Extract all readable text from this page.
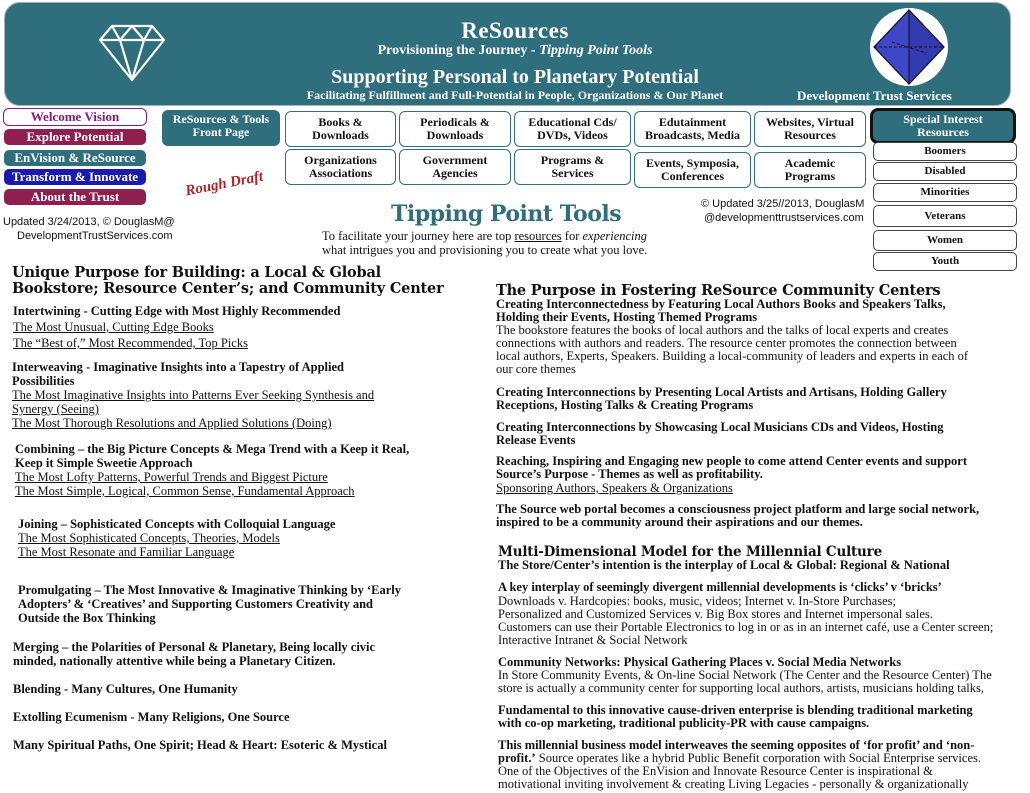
ReSources
Provisioning the Journey - Tipping Point Tools
Supporting Personal to Planetary Potential
Facilitating Fulfillment and Full-Potential in People, Organizations & Our Planet	Development Trust Services
Welcome Vision
Explore Potential
EnVision & ReSource
Transform & Innovate
About the Trust
ReSources & Tools
Front Page
Books &
Downloads
Periodicals &
Downloads
Educational Cds/
DVDs, Videos
Edutainment
Broadcasts, Media
Websites, Virtual
Resources
Organizations
Associations
Government
Agencies
Programs &
Services
Events, Symposia,
Conferences
Academic
Programs
Special Interest
Resources
Boomers
Disabled
Minorities
Veterans
Women
Youth
Rough Draft
Updated 3/24/2013, © DouglasM@
DevelopmentTrustServices.com
© Updated 3/25//2013, DouglasM
@developmenttrustservices.com
Tipping Point Tools
To facilitate your journey here are top resources for experiencing
what intrigues you and provisioning you to create what you love.
Unique Purpose for Building: a Local & Global
Bookstore; Resource Center’s; and Community Center
Intertwining - Cutting Edge with Most Highly Recommended
The Most Unusual, Cutting Edge Books
The “Best of,” Most Recommended, Top Picks
Interweaving - Imaginative Insights into a Tapestry of Applied
Possibilities
The Most Imaginative Insights into Patterns Ever Seeking Synthesis and
Synergy (Seeing)
The Most Thorough Resolutions and Applied Solutions (Doing)
Combining – the Big Picture Concepts & Mega Trend with a Keep it Real,
Keep it Simple Sweetie Approach
The Most Lofty Patterns, Powerful Trends and Biggest Picture
The Most Simple, Logical, Common Sense, Fundamental Approach
Joining – Sophisticated Concepts with Colloquial Language
The Most Sophisticated Concepts, Theories, Models
The Most Resonate and Familiar Language
Promulgating – The Most Innovative & Imaginative Thinking by ‘Early
Adopters’ & ‘Creatives’ and Supporting Customers Creativity and
Outside the Box Thinking
Merging – the Polarities of Personal & Planetary, Being locally civic
minded, nationally attentive while being a Planetary Citizen.
Blending - Many Cultures, One Humanity
Extolling Ecumenism - Many Religions, One Source
Many Spiritual Paths, One Spirit; Head & Heart: Esoteric & Mystical
The Purpose in Fostering ReSource Community Centers
Creating Interconnectedness by Featuring Local Authors Books and Speakers Talks,
Holding their Events, Hosting Themed Programs
The bookstore features the books of local authors and the talks of local experts and creates
connections with authors and readers. The resource center promotes the connection between
local authors, Experts, Speakers. Building a local-community of leaders and experts in each of
our core themes
Creating Interconnections by Presenting Local Artists and Artisans, Holding Gallery
Receptions, Hosting Talks & Creating Programs
Creating Interconnections by Showcasing Local Musicians CDs and Videos, Hosting
Release Events
Reaching, Inspiring and Engaging new people to come attend Center events and support
Source’s Purpose - Themes as well as profitability.
Sponsoring Authors, Speakers & Organizations
The Source web portal becomes a consciousness project platform and large social network,
inspired to be a community around their aspirations and our themes.
Multi-Dimensional Model for the Millennial Culture
The Store/Center’s intention is the interplay of Local & Global: Regional & National
A key interplay of seemingly divergent millennial developments is ‘clicks’ v ‘bricks’
Downloads v. Hardcopies: books, music, videos; Internet v. In-Store Purchases;
Personalized and Customized Services v. Big Box stores and Internet impersonal sales.
Customers can use their Portable Electronics to log in or as in an internet café, use a Center screen;
Interactive Intranet & Social Network
Community Networks: Physical Gathering Places v. Social Media Networks
In Store Community Events, & On-line Social Network (The Center and the Resource Center) The
store is actually a community center for supporting local authors, artists, musicians holding talks,
Fundamental to this innovative cause-driven enterprise is blending traditional marketing
with co-op marketing, traditional publicity-PR with cause campaigns.
This millennial business model interweaves the seeming opposites of ‘for profit’ and ‘non-
profit.’ Source operates like a hybrid Public Benefit corporation with Social Enterprise services.
One of the Objectives of the EnVision and Innovate Resource Center is inspirational &
motivational inviting involvement & creating Living Legacies - personally & organizationally
